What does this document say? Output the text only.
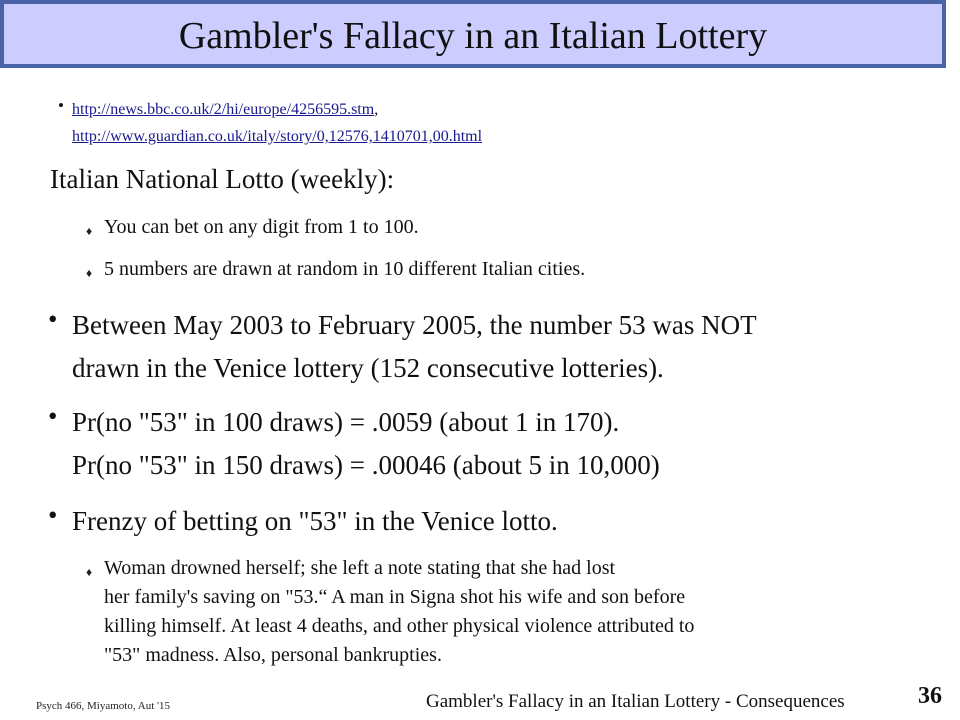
Gambler's Fallacy in an Italian Lottery
• http://news.bbc.co.uk/2/hi/europe/4256595.stm,
http://www.guardian.co.uk/italy/story/0,12576,1410701,00.html
Italian National Lotto (weekly):
♦ You can bet on any digit from 1 to 100.
♦ 5 numbers are drawn at random in 10 different Italian cities.
• Between May 2003 to February 2005, the number 53 was NOT
drawn in the Venice lottery (152 consecutive lotteries).
• Pr(no "53" in 100 draws) = .0059 (about 1 in 170).
Pr(no "53" in 150 draws) = .00046 (about 5 in 10,000)
• Frenzy of betting on "53" in the Venice lotto.
♦ Woman drowned herself; she left a note stating that she had lost
her family's saving on "53.“ A man in Signa shot his wife and son before
killing himself. At least 4 deaths, and other physical violence attributed to
"53" madness. Also, personal bankrupties.
Psych 466, Miyamoto, Aut '15	Gambler's Fallacy in an Italian Lottery - Consequences	36
